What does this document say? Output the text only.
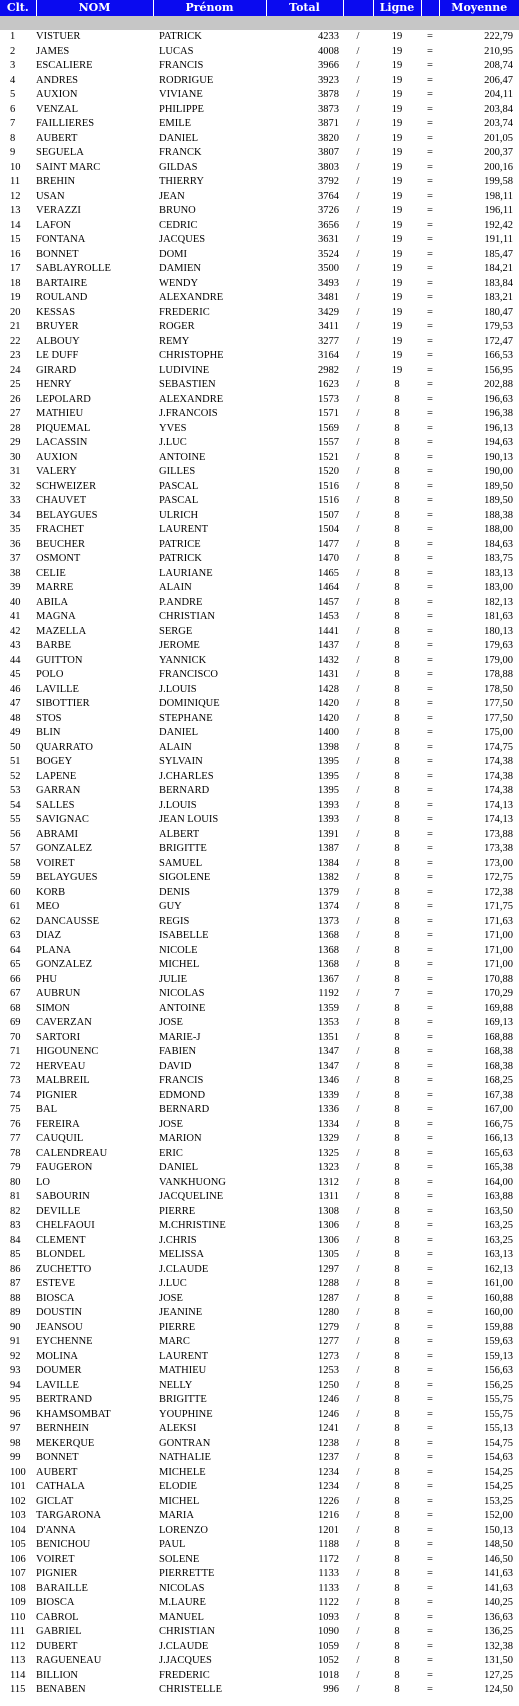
Clt.	NOM	Prénom	Total		Ligne		Moyenne

1	VISTUER	PATRICK	4233	/	19	=	222,79
2	JAMES	LUCAS	4008	/	19	=	210,95
3	ESCALIERE	FRANCIS	3966	/	19	=	208,74
4	ANDRES	RODRIGUE	3923	/	19	=	206,47
5	AUXION	VIVIANE	3878	/	19	=	204,11
6	VENZAL	PHILIPPE	3873	/	19	=	203,84
7	FAILLIERES	EMILE	3871	/	19	=	203,74
8	AUBERT	DANIEL	3820	/	19	=	201,05
9	SEGUELA	FRANCK	3807	/	19	=	200,37
10	SAINT MARC	GILDAS	3803	/	19	=	200,16
11	BREHIN	THIERRY	3792	/	19	=	199,58
12	USAN	JEAN	3764	/	19	=	198,11
13	VERAZZI	BRUNO	3726	/	19	=	196,11
14	LAFON	CEDRIC	3656	/	19	=	192,42
15	FONTANA	JACQUES	3631	/	19	=	191,11
16	BONNET	DOMI	3524	/	19	=	185,47
17	SABLAYROLLE	DAMIEN	3500	/	19	=	184,21
18	BARTAIRE	WENDY	3493	/	19	=	183,84
19	ROULAND	ALEXANDRE	3481	/	19	=	183,21
20	KESSAS	FREDERIC	3429	/	19	=	180,47
21	BRUYER	ROGER	3411	/	19	=	179,53
22	ALBOUY	REMY	3277	/	19	=	172,47
23	LE DUFF	CHRISTOPHE	3164	/	19	=	166,53
24	GIRARD	LUDIVINE	2982	/	19	=	156,95
25	HENRY	SEBASTIEN	1623	/	8	=	202,88
26	LEPOLARD	ALEXANDRE	1573	/	8	=	196,63
27	MATHIEU	J.FRANCOIS	1571	/	8	=	196,38
28	PIQUEMAL	YVES	1569	/	8	=	196,13
29	LACASSIN	J.LUC	1557	/	8	=	194,63
30	AUXION	ANTOINE	1521	/	8	=	190,13
31	VALERY	GILLES	1520	/	8	=	190,00
32	SCHWEIZER	PASCAL	1516	/	8	=	189,50
33	CHAUVET	PASCAL	1516	/	8	=	189,50
34	BELAYGUES	ULRICH	1507	/	8	=	188,38
35	FRACHET	LAURENT	1504	/	8	=	188,00
36	BEUCHER	PATRICE	1477	/	8	=	184,63
37	OSMONT	PATRICK	1470	/	8	=	183,75
38	CELIE	LAURIANE	1465	/	8	=	183,13
39	MARRE	ALAIN	1464	/	8	=	183,00
40	ABILA	P.ANDRE	1457	/	8	=	182,13
41	MAGNA	CHRISTIAN	1453	/	8	=	181,63
42	MAZELLA	SERGE	1441	/	8	=	180,13
43	BARBE	JEROME	1437	/	8	=	179,63
44	GUITTON	YANNICK	1432	/	8	=	179,00
45	POLO	FRANCISCO	1431	/	8	=	178,88
46	LAVILLE	J.LOUIS	1428	/	8	=	178,50
47	SIBOTTIER	DOMINIQUE	1420	/	8	=	177,50
48	STOS	STEPHANE	1420	/	8	=	177,50
49	BLIN	DANIEL	1400	/	8	=	175,00
50	QUARRATO	ALAIN	1398	/	8	=	174,75
51	BOGEY	SYLVAIN	1395	/	8	=	174,38
52	LAPENE	J.CHARLES	1395	/	8	=	174,38
53	GARRAN	BERNARD	1395	/	8	=	174,38
54	SALLES	J.LOUIS	1393	/	8	=	174,13
55	SAVIGNAC	JEAN LOUIS	1393	/	8	=	174,13
56	ABRAMI	ALBERT	1391	/	8	=	173,88
57	GONZALEZ	BRIGITTE	1387	/	8	=	173,38
58	VOIRET	SAMUEL	1384	/	8	=	173,00
59	BELAYGUES	SIGOLENE	1382	/	8	=	172,75
60	KORB	DENIS	1379	/	8	=	172,38
61	MEO	GUY	1374	/	8	=	171,75
62	DANCAUSSE	REGIS	1373	/	8	=	171,63
63	DIAZ	ISABELLE	1368	/	8	=	171,00
64	PLANA	NICOLE	1368	/	8	=	171,00
65	GONZALEZ	MICHEL	1368	/	8	=	171,00
66	PHU	JULIE	1367	/	8	=	170,88
67	AUBRUN	NICOLAS	1192	/	7	=	170,29
68	SIMON	ANTOINE	1359	/	8	=	169,88
69	CAVERZAN	JOSE	1353	/	8	=	169,13
70	SARTORI	MARIE-J	1351	/	8	=	168,88
71	HIGOUNENC	FABIEN	1347	/	8	=	168,38
72	HERVEAU	DAVID	1347	/	8	=	168,38
73	MALBREIL	FRANCIS	1346	/	8	=	168,25
74	PIGNIER	EDMOND	1339	/	8	=	167,38
75	BAL	BERNARD	1336	/	8	=	167,00
76	FEREIRA	JOSE	1334	/	8	=	166,75
77	CAUQUIL	MARION	1329	/	8	=	166,13
78	CALENDREAU	ERIC	1325	/	8	=	165,63
79	FAUGERON	DANIEL	1323	/	8	=	165,38
80	LO	VANKHUONG	1312	/	8	=	164,00
81	SABOURIN	JACQUELINE	1311	/	8	=	163,88
82	DEVILLE	PIERRE	1308	/	8	=	163,50
83	CHELFAOUI	M.CHRISTINE	1306	/	8	=	163,25
84	CLEMENT	J.CHRIS	1306	/	8	=	163,25
85	BLONDEL	MELISSA	1305	/	8	=	163,13
86	ZUCHETTO	J.CLAUDE	1297	/	8	=	162,13
87	ESTEVE	J.LUC	1288	/	8	=	161,00
88	BIOSCA	JOSE	1287	/	8	=	160,88
89	DOUSTIN	JEANINE	1280	/	8	=	160,00
90	JEANSOU	PIERRE	1279	/	8	=	159,88
91	EYCHENNE	MARC	1277	/	8	=	159,63
92	MOLINA	LAURENT	1273	/	8	=	159,13
93	DOUMER	MATHIEU	1253	/	8	=	156,63
94	LAVILLE	NELLY	1250	/	8	=	156,25
95	BERTRAND	BRIGITTE	1246	/	8	=	155,75
96	KHAMSOMBAT	YOUPHINE	1246	/	8	=	155,75
97	BERNHEIN	ALEKSI	1241	/	8	=	155,13
98	MEKERQUE	GONTRAN	1238	/	8	=	154,75
99	BONNET	NATHALIE	1237	/	8	=	154,63
100	AUBERT	MICHELE	1234	/	8	=	154,25
101	CATHALA	ELODIE	1234	/	8	=	154,25
102	GICLAT	MICHEL	1226	/	8	=	153,25
103	TARGARONA	MARIA	1216	/	8	=	152,00
104	D'ANNA	LORENZO	1201	/	8	=	150,13
105	BENICHOU	PAUL	1188	/	8	=	148,50
106	VOIRET	SOLENE	1172	/	8	=	146,50
107	PIGNIER	PIERRETTE	1133	/	8	=	141,63
108	BARAILLE	NICOLAS	1133	/	8	=	141,63
109	BIOSCA	M.LAURE	1122	/	8	=	140,25
110	CABROL	MANUEL	1093	/	8	=	136,63
111	GABRIEL	CHRISTIAN	1090	/	8	=	136,25
112	DUBERT	J.CLAUDE	1059	/	8	=	132,38
113	RAGUENEAU	J.JACQUES	1052	/	8	=	131,50
114	BILLION	FREDERIC	1018	/	8	=	127,25
115	BENABEN	CHRISTELLE	996	/	8	=	124,50
